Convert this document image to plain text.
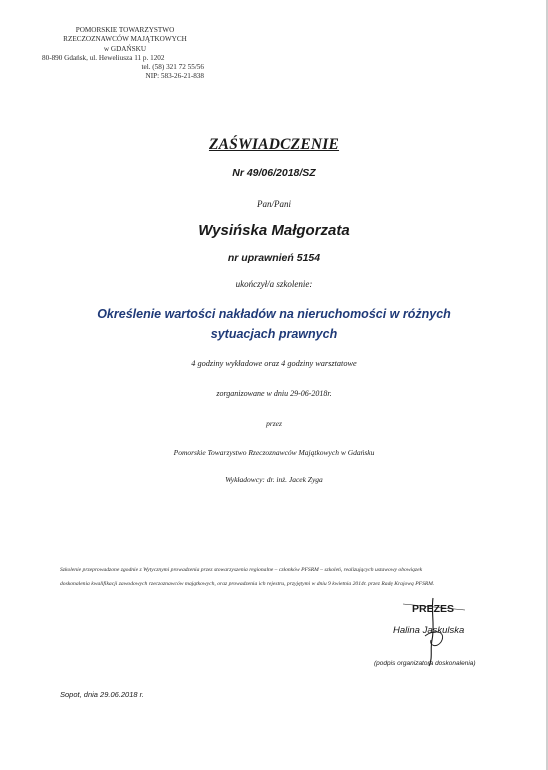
POMORSKIE TOWARZYSTWO
RZECZOZNAWCÓW MAJĄTKOWYCH
w GDAŃSKU
80-890 Gdańsk, ul. Heweliusza 11 p. 1202
tel. (58) 321 72 55/56
NIP: 583-26-21-838
ZAŚWIADCZENIE
Nr 49/06/2018/SZ
Pan/Pani
Wysińska Małgorzata
nr uprawnień 5154
ukończył/a szkolenie:
Określenie wartości nakładów na nieruchomości w różnych
sytuacjach prawnych
4 godziny wykładowe oraz 4 godziny warsztatowe
zorganizowane w dniu 29-06-2018r.
przez
Pomorskie Towarzystwo Rzeczoznawców Majątkowych w Gdańsku
Wykładowcy: dr. inż. Jacek Zyga
Szkolenie przeprowadzone zgodnie z Wytycznymi prowadzenia przez stowarzyszenia regionalne – członków PFSRM – szkoleń, realizujących ustawowy obowiązek
doskonalenia kwalifikacji zawodowych rzeczoznawców majątkowych, oraz prowadzenia ich rejestru, przyjętymi w dniu 9 kwietnia 2014r. przez Radę Krajową PFSRM.
PREZES
Halina Jaskulska
(podpis organizatora doskonalenia)
Sopot, dnia 29.06.2018 r.
